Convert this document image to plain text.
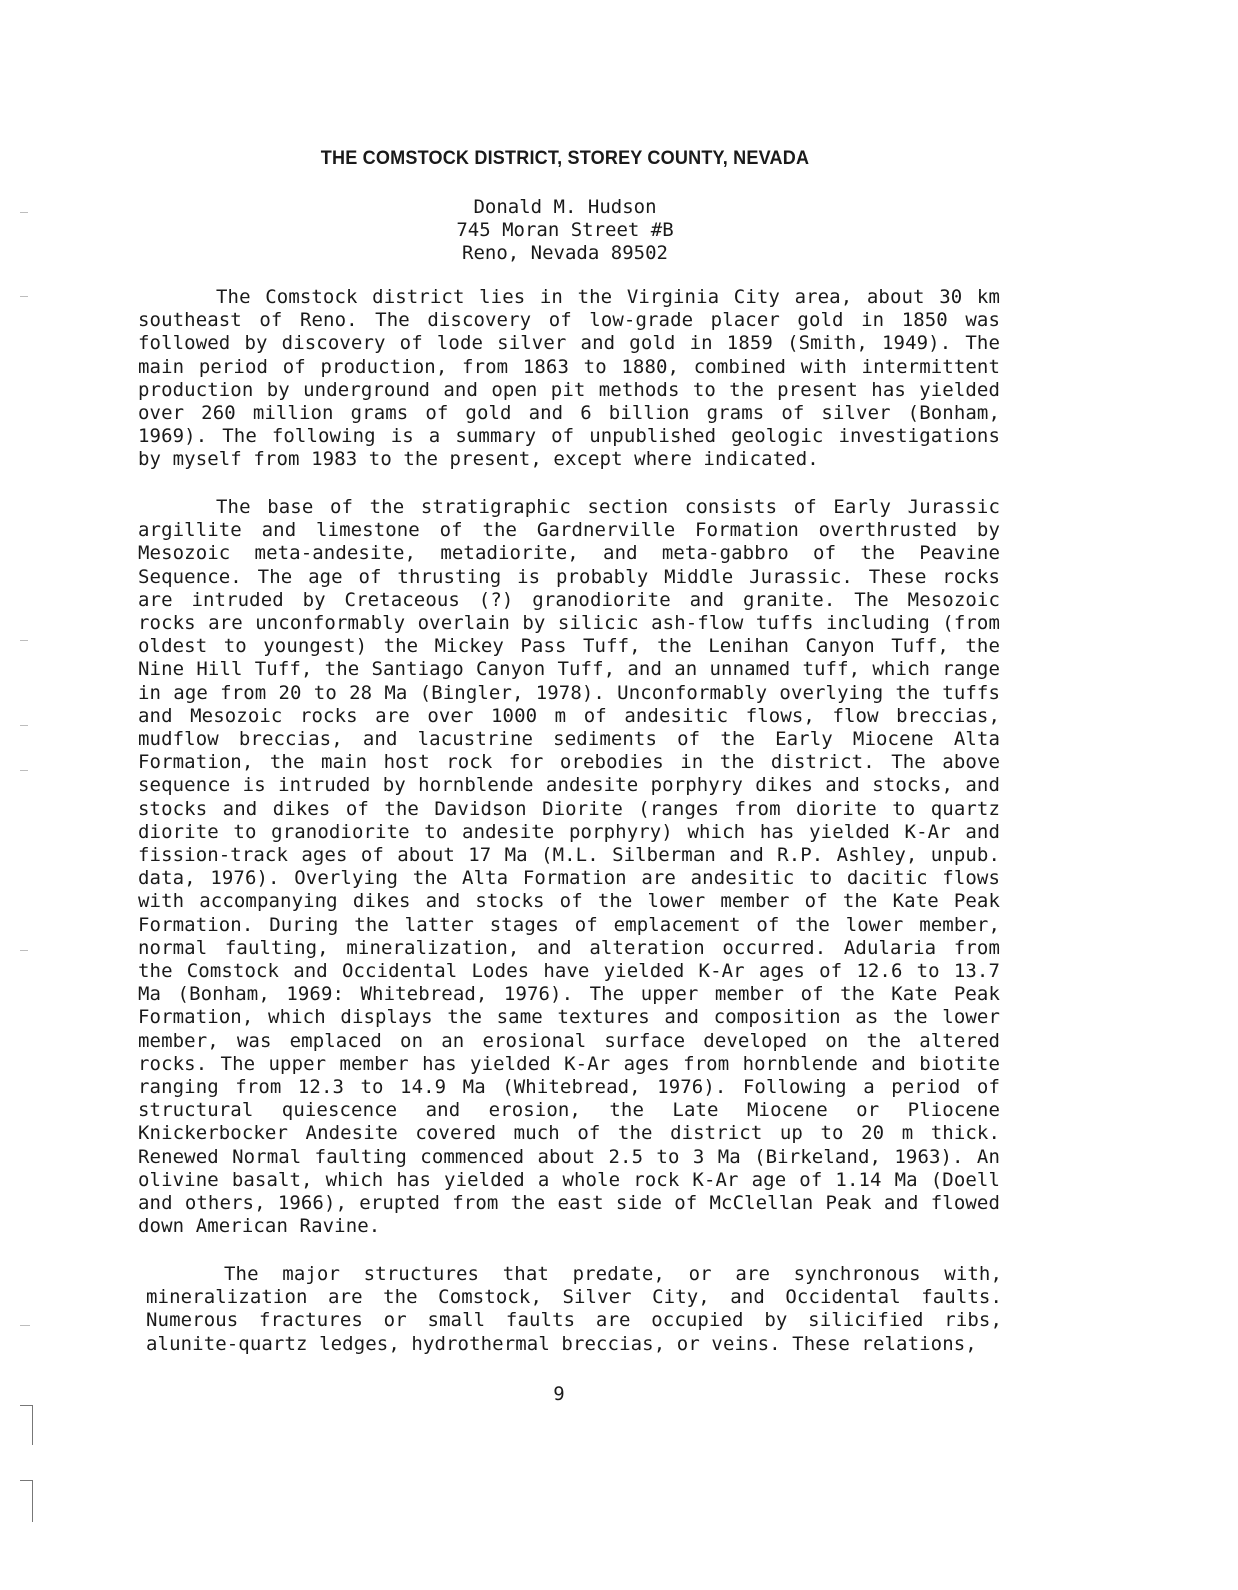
THE COMSTOCK DISTRICT, STOREY COUNTY, NEVADA
Donald M. Hudson
745 Moran Street #B
Reno, Nevada 89502

The Comstock district lies in the Virginia City area, about 30 km southeast of Reno. The discovery of low-grade placer gold in 1850 was followed by discovery of lode silver and gold in 1859 (Smith, 1949). The main period of production, from 1863 to 1880, combined with intermittent production by underground and open pit methods to the present has yielded over 260 million grams of gold and 6 billion grams of silver (Bonham, 1969). The following is a summary of unpublished geologic investigations by myself from 1983 to the present, except where indicated.

The base of the stratigraphic section consists of Early Jurassic argillite and limestone of the Gardnerville Formation overthrusted by Mesozoic meta-andesite, metadiorite, and meta-gabbro of the Peavine Sequence. The age of thrusting is probably Middle Jurassic. These rocks are intruded by Cretaceous (?) granodiorite and granite. The Mesozoic rocks are unconformably overlain by silicic ash-flow tuffs including (from oldest to youngest) the Mickey Pass Tuff, the Lenihan Canyon Tuff, the Nine Hill Tuff, the Santiago Canyon Tuff, and an unnamed tuff, which range in age from 20 to 28 Ma (Bingler, 1978). Unconformably overlying the tuffs and Mesozoic rocks are over 1000 m of andesitic flows, flow breccias, mudflow breccias, and lacustrine sediments of the Early Miocene Alta Formation, the main host rock for orebodies in the district. The above sequence is intruded by hornblende andesite porphyry dikes and stocks, and stocks and dikes of the Davidson Diorite (ranges from diorite to quartz diorite to granodiorite to andesite porphyry) which has yielded K-Ar and fission-track ages of about 17 Ma (M.L. Silberman and R.P. Ashley, unpub. data, 1976). Overlying the Alta Formation are andesitic to dacitic flows with accompanying dikes and stocks of the lower member of the Kate Peak Formation. During the latter stages of emplacement of the lower member, normal faulting, mineralization, and alteration occurred. Adularia from the Comstock and Occidental Lodes have yielded K-Ar ages of 12.6 to 13.7 Ma (Bonham, 1969: Whitebread, 1976). The upper member of the Kate Peak Formation, which displays the same textures and composition as the lower member, was emplaced on an erosional surface developed on the altered rocks. The upper member has yielded K-Ar ages from hornblende and biotite ranging from 12.3 to 14.9 Ma (Whitebread, 1976). Following a period of structural quiescence and erosion, the Late Miocene or Pliocene Knickerbocker Andesite covered much of the district up to 20 m thick. Renewed Normal faulting commenced about 2.5 to 3 Ma (Birkeland, 1963). An olivine basalt, which has yielded a whole rock K-Ar age of 1.14 Ma (Doell and others, 1966), erupted from the east side of McClellan Peak and flowed down American Ravine.

The major structures that predate, or are synchronous with, mineralization are the Comstock, Silver City, and Occidental faults. Numerous fractures or small faults are occupied by silicified ribs, alunite-quartz ledges, hydrothermal breccias, or veins. These relations,

9
